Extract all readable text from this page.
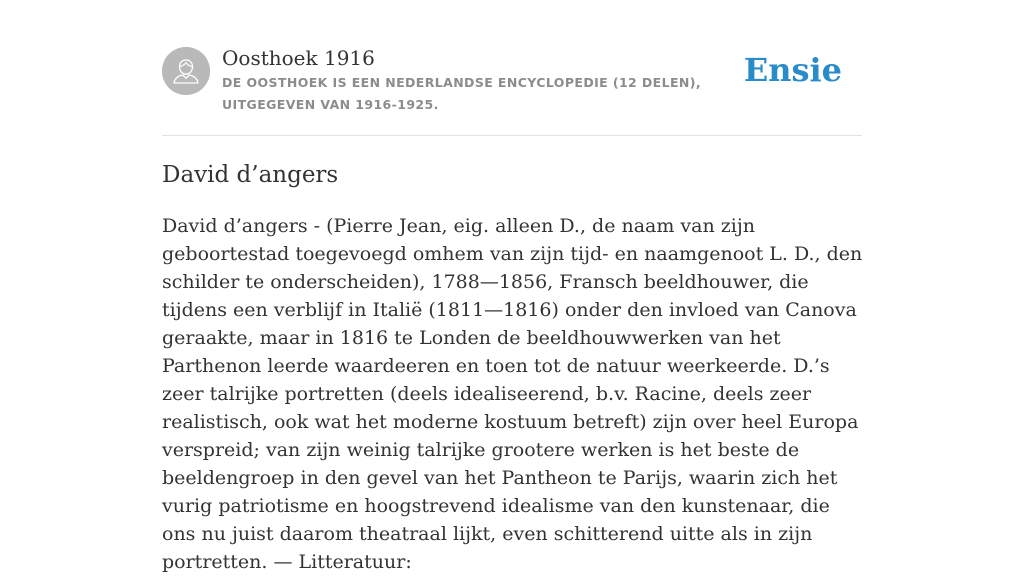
Oosthoek 1916
DE OOSTHOEK IS EEN NEDERLANDSE ENCYCLOPEDIE (12 DELEN), UITGEGEVEN VAN 1916-1925.
Ensie
David d’angers

David d’angers - (Pierre Jean, eig. alleen D., de naam van zijn geboortestad toegevoegd omhem van zijn tijd- en naamgenoot L. D., den schilder te onderscheiden), 1788—1856, Fransch beeldhouwer, die tijdens een verblijf in Italië (1811—1816) onder den invloed van Canova geraakte, maar in 1816 te Londen de beeldhouwwerken van het Parthenon leerde waardeeren en toen tot de natuur weerkeerde. D.’s zeer talrijke portretten (deels idealiseerend, b.v. Racine, deels zeer realistisch, ook wat het moderne kostuum betreft) zijn over heel Europa verspreid; van zijn weinig talrijke grootere werken is het beste de beeldengroep in den gevel van het Pantheon te Parijs, waarin zich het vurig patriotisme en hoogstrevend idealisme van den kunstenaar, die ons nu juist daarom theatraal lijkt, even schitterend uitte als in zijn portretten. — Litteratuur:
